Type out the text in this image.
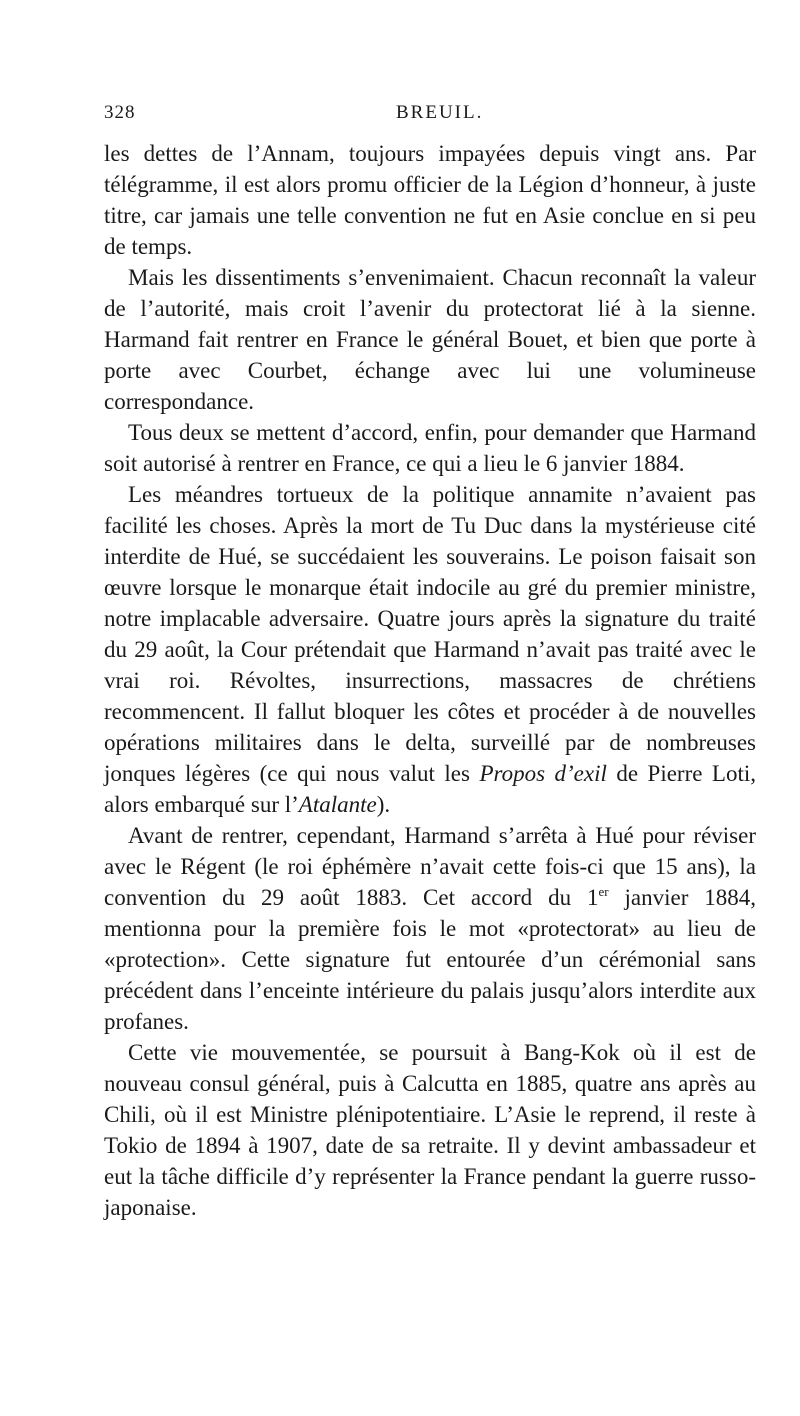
328	BREUIL.

les dettes de l’Annam, toujours impayées depuis vingt ans. Par télégramme, il est alors promu officier de la Légion d’honneur, à juste titre, car jamais une telle convention ne fut en Asie conclue en si peu de temps.

Mais les dissentiments s’envenimaient. Chacun reconnaît la valeur de l’autorité, mais croit l’avenir du protectorat lié à la sienne. Harmand fait rentrer en France le général Bouet, et bien que porte à porte avec Courbet, échange avec lui une volumineuse correspondance.

Tous deux se mettent d’accord, enfin, pour demander que Harmand soit autorisé à rentrer en France, ce qui a lieu le 6 janvier 1884.

Les méandres tortueux de la politique annamite n’avaient pas facilité les choses. Après la mort de Tu Duc dans la mystérieuse cité interdite de Hué, se succédaient les souverains. Le poison faisait son œuvre lorsque le monarque était indocile au gré du premier ministre, notre implacable adversaire. Quatre jours après la signature du traité du 29 août, la Cour prétendait que Harmand n’avait pas traité avec le vrai roi. Révoltes, insurrections, massacres de chrétiens recommencent. Il fallut bloquer les côtes et procéder à de nouvelles opérations militaires dans le delta, surveillé par de nombreuses jonques légères (ce qui nous valut les Propos d’exil de Pierre Loti, alors embarqué sur l’Atalante).

Avant de rentrer, cependant, Harmand s’arrêta à Hué pour réviser avec le Régent (le roi éphémère n’avait cette fois-ci que 15 ans), la convention du 29 août 1883. Cet accord du 1er janvier 1884, mentionna pour la première fois le mot «protectorat» au lieu de «protection». Cette signature fut entourée d’un cérémonial sans précédent dans l’enceinte intérieure du palais jusqu’alors interdite aux profanes.

Cette vie mouvementée, se poursuit à Bang-Kok où il est de nouveau consul général, puis à Calcutta en 1885, quatre ans après au Chili, où il est Ministre plénipotentiaire. L’Asie le reprend, il reste à Tokio de 1894 à 1907, date de sa retraite. Il y devint ambassadeur et eut la tâche difficile d’y représenter la France pendant la guerre russo-japonaise.
